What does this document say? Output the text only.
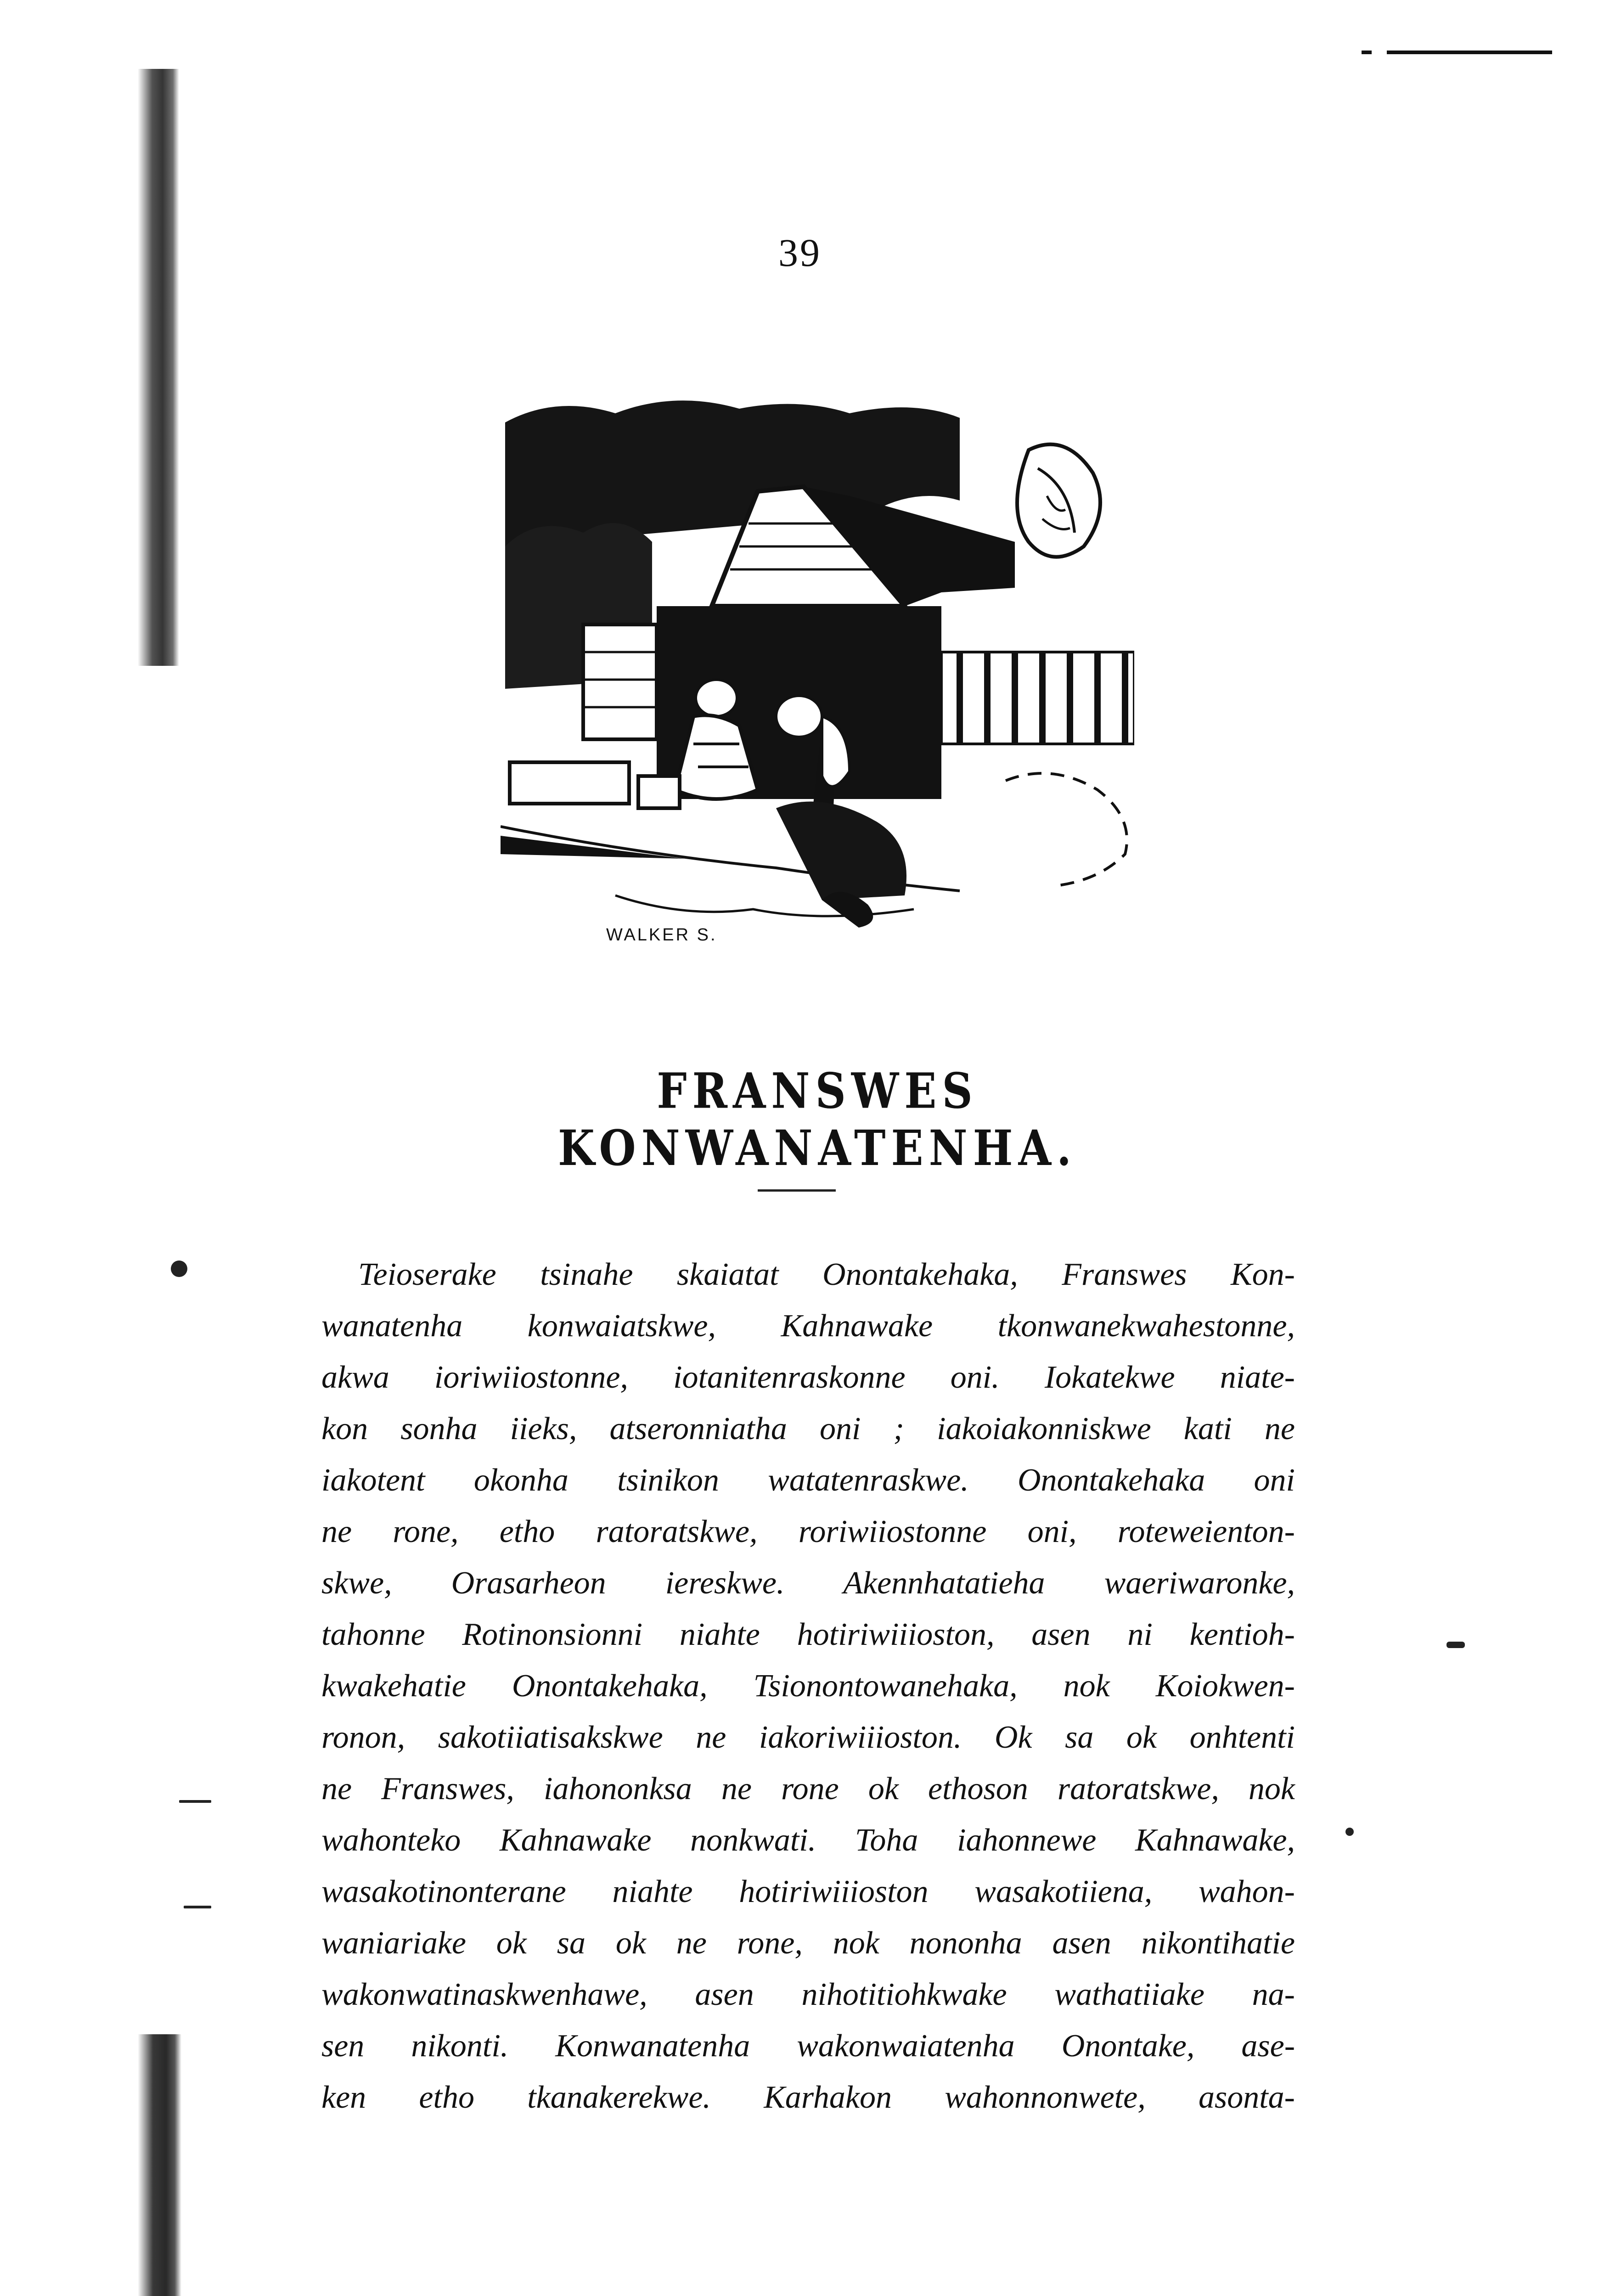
39
WALKER S.
FRANSWES KONWANATENHA.
Teioserake tsinahe skaiatat Onontakehaka, Franswes Kon-
wanatenha konwaiatskwe, Kahnawake tkonwanekwahestonne,
akwa ioriwiiostonne, iotanitenraskonne oni. Iokatekwe niate-
kon sonha iieks, atseronniatha oni ; iakoiakonniskwe kati ne
iakotent okonha tsinikon watatenraskwe. Onontakehaka oni
ne rone, etho ratoratskwe, roriwiiostonne oni, roteweienton-
skwe, Orasarheon iereskwe. Akennhatatieha waeriwaronke,
tahonne Rotinonsionni niahte hotiriwiiioston, asen ni kentioh-
kwakehatie Onontakehaka, Tsionontowanehaka, nok Koiokwen-
ronon, sakotiiatisakskwe ne iakoriwiiioston. Ok sa ok onhtenti
ne Franswes, iahononksa ne rone ok ethoson ratoratskwe, nok
wahonteko Kahnawake nonkwati. Toha iahonnewe Kahnawake,
wasakotinonterane niahte hotiriwiiioston wasakotiiena, wahon-
waniariake ok sa ok ne rone, nok nononha asen nikontihatie
wakonwatinaskwenhawe, asen nihotitiohkwake wathatiiake na-
sen nikonti. Konwanatenha wakonwaiatenha Onontake, ase-
ken etho tkanakerekwe. Karhakon wahonnonwete, asonta-
